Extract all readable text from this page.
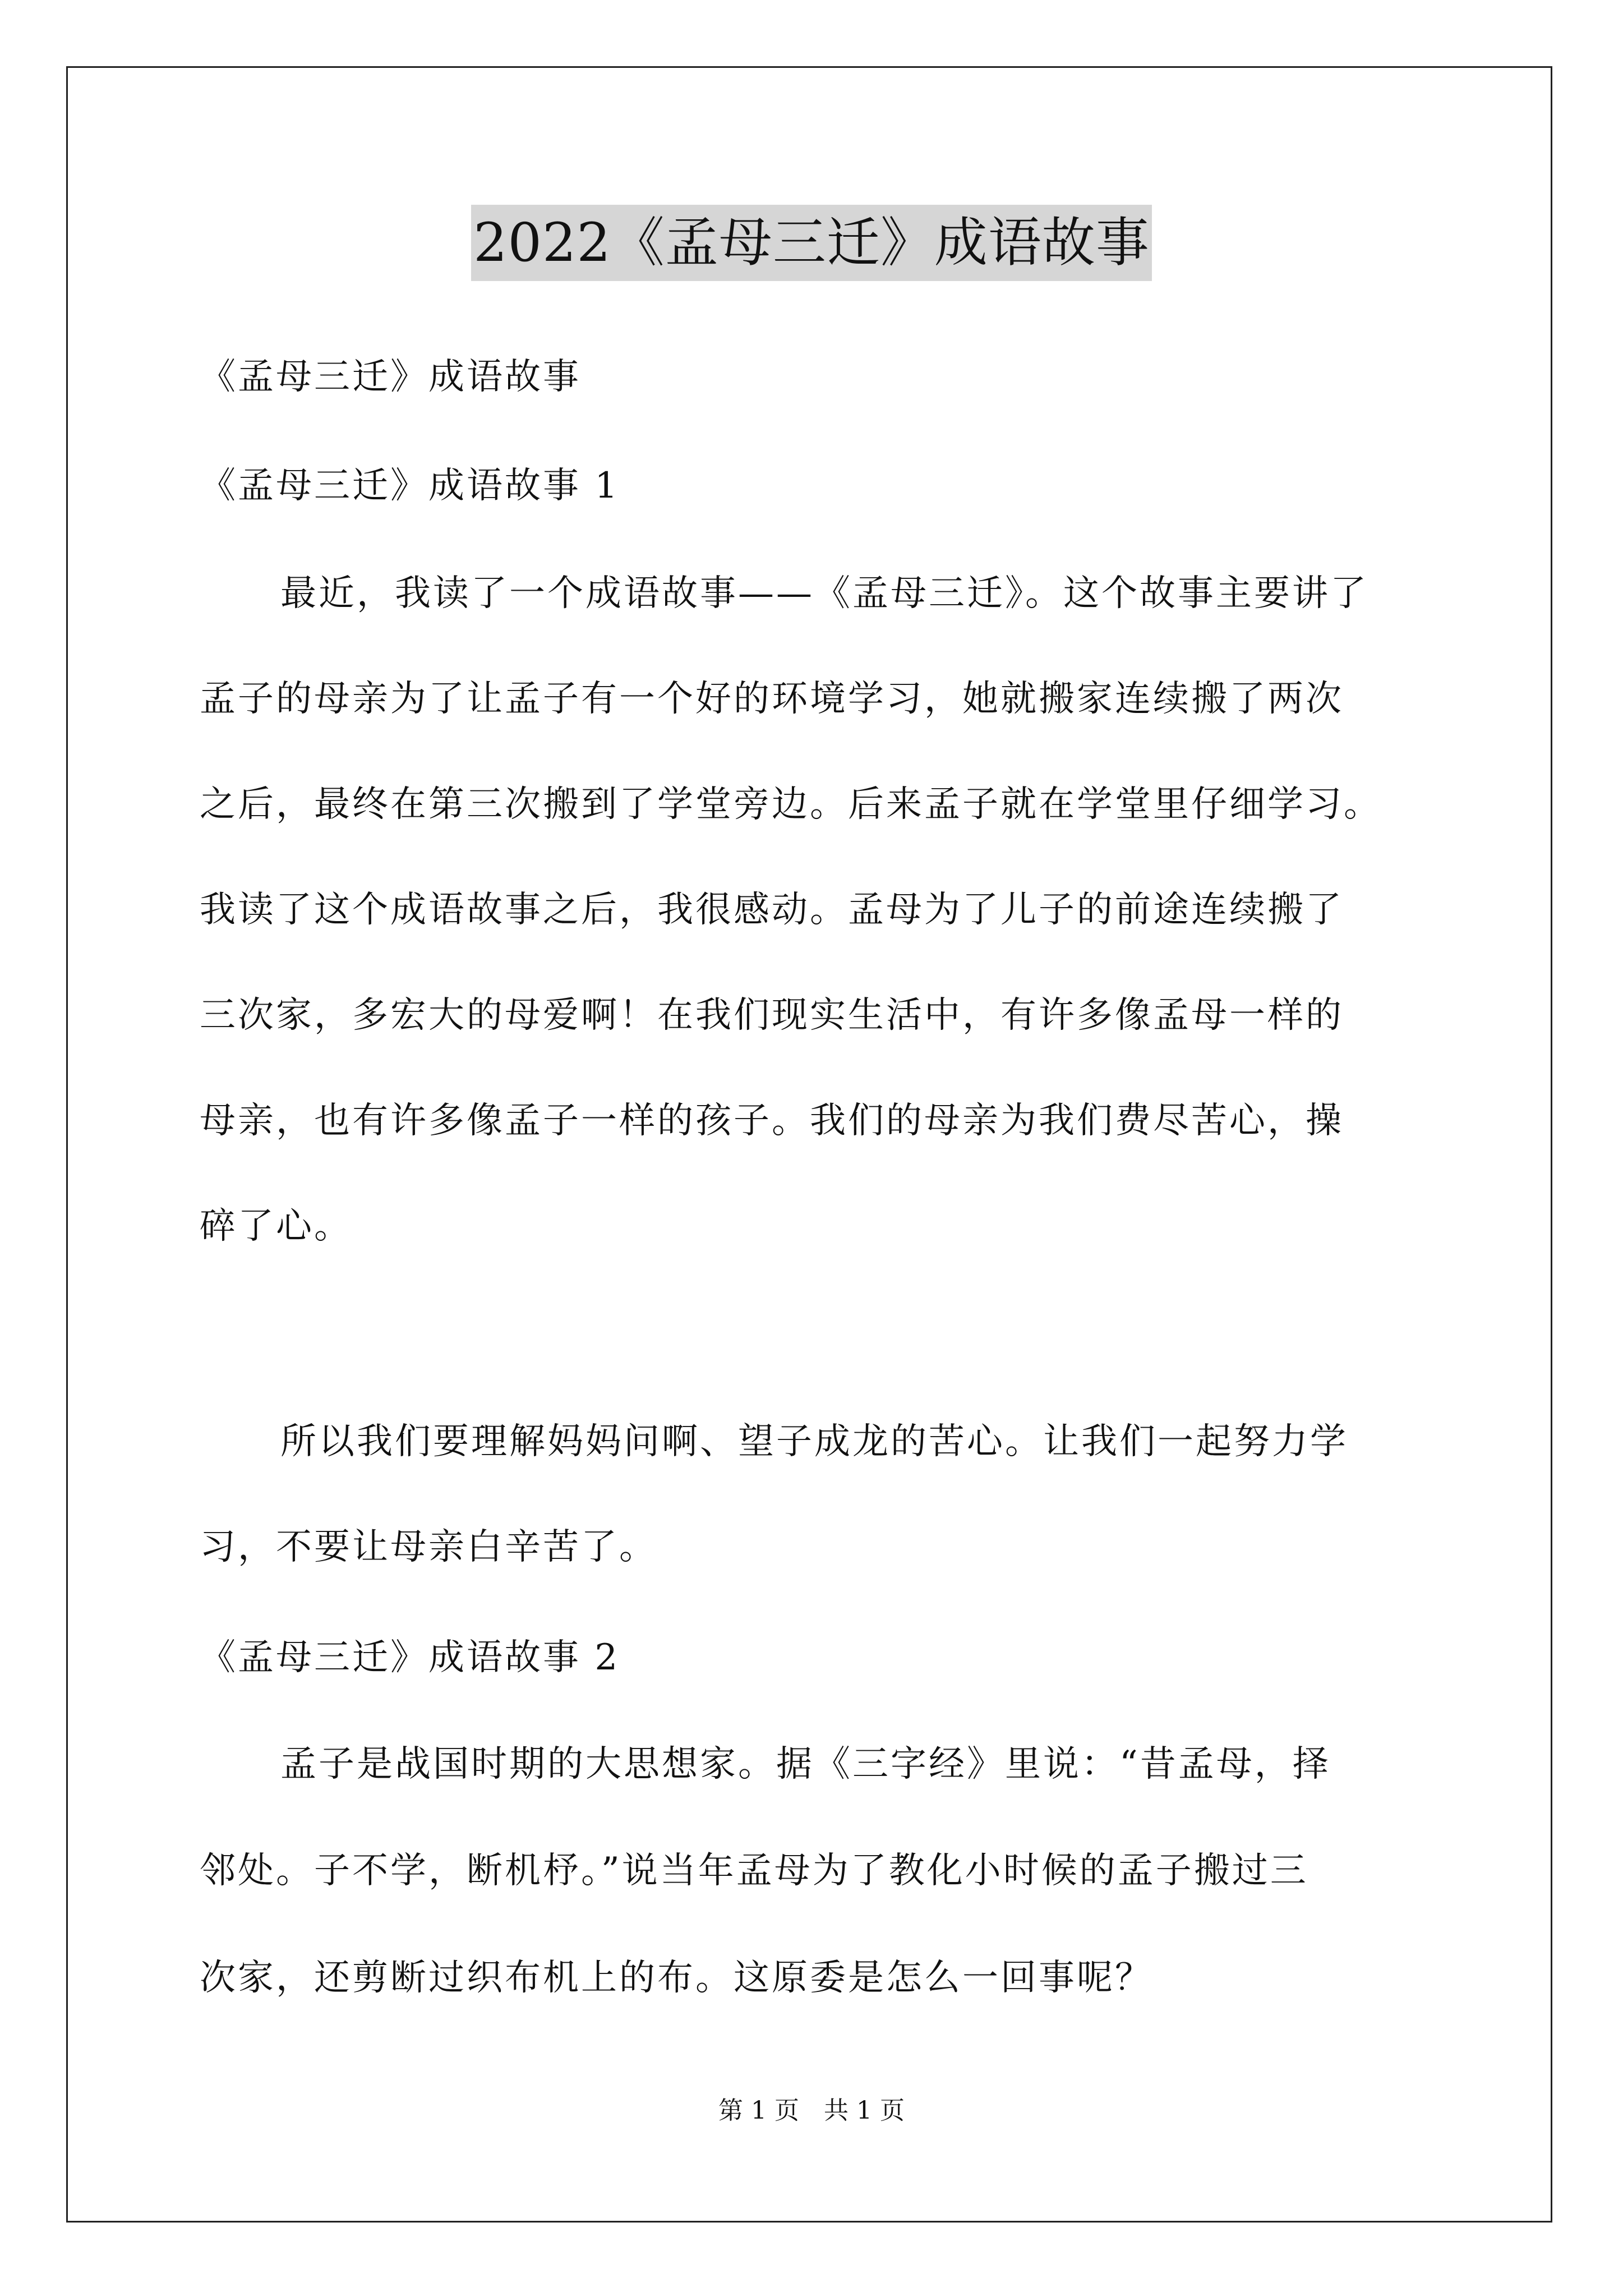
2022《孟母三迁》成语故事
《孟母三迁》成语故事
《孟母三迁》成语故事 1
最近，我读了一个成语故事——《孟母三迁》。这个故事主要讲了
孟子的母亲为了让孟子有一个好的环境学习，她就搬家连续搬了两次
之后，最终在第三次搬到了学堂旁边。后来孟子就在学堂里仔细学习。
我读了这个成语故事之后，我很感动。孟母为了儿子的前途连续搬了
三次家，多宏大的母爱啊！在我们现实生活中，有许多像孟母一样的
母亲，也有许多像孟子一样的孩子。我们的母亲为我们费尽苦心，操
碎了心。
所以我们要理解妈妈问啊、望子成龙的苦心。让我们一起努力学
习，不要让母亲白辛苦了。
《孟母三迁》成语故事 2
孟子是战国时期的大思想家。据《三字经》里说：“昔孟母，择
邻处。子不学，断机杼。”说当年孟母为了教化小时候的孟子搬过三
次家，还剪断过织布机上的布。这原委是怎么一回事呢？
第 1 页　共 1 页
